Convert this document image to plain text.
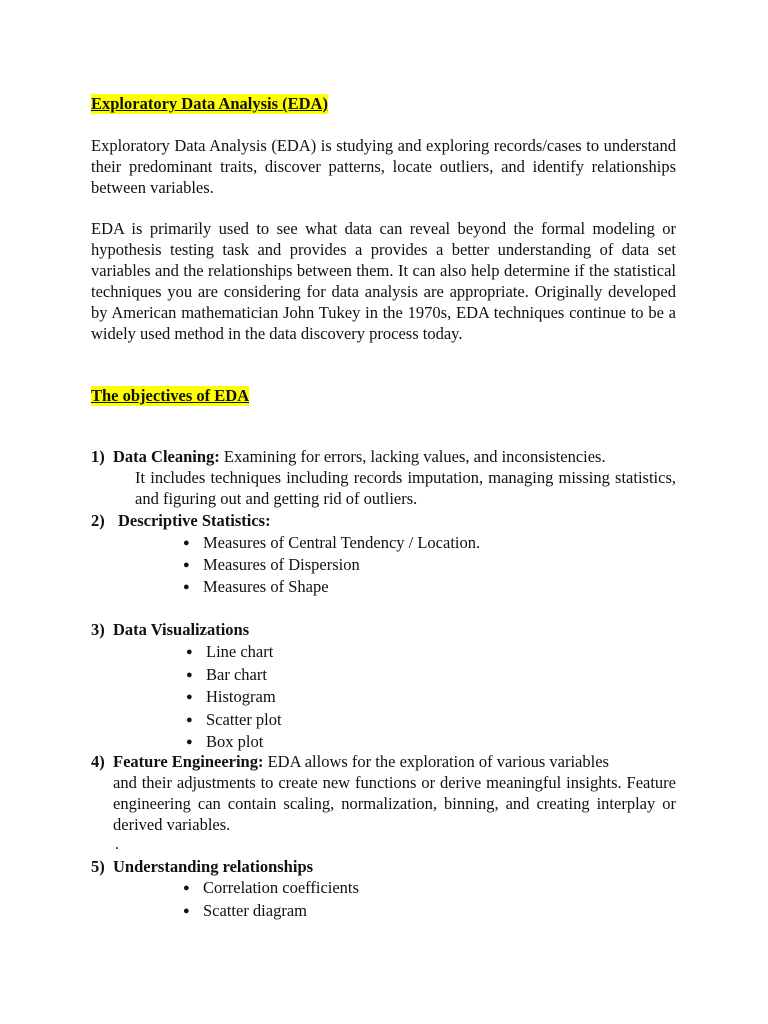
Exploratory Data Analysis (EDA)

Exploratory Data Analysis (EDA) is studying and exploring records/cases to understand their predominant traits, discover patterns, locate outliers, and identify relationships between variables.

EDA is primarily used to see what data can reveal beyond the formal modeling or hypothesis testing task and provides a provides a better understanding of data set variables and the relationships between them. It can also help determine if the statistical techniques you are considering for data analysis are appropriate. Originally developed by American mathematician John Tukey in the 1970s, EDA techniques continue to be a widely used method in the data discovery process today.

The objectives of EDA

1) Data Cleaning: Examining for errors, lacking values, and inconsistencies.

It includes techniques including records imputation, managing missing statistics, and figuring out and getting rid of outliers.

2) Descriptive Statistics:
● Measures of Central Tendency / Location.
● Measures of Dispersion
● Measures of Shape
3) Data Visualizations
● Line chart
● Bar chart
● Histogram
● Scatter plot
● Box plot
4) Feature Engineering: EDA allows for the exploration of various variables

and their adjustments to create new functions or derive meaningful insights. Feature engineering can contain scaling, normalization, binning, and creating interplay or derived variables.

.
5) Understanding relationships
● Correlation coefficients
● Scatter diagram
